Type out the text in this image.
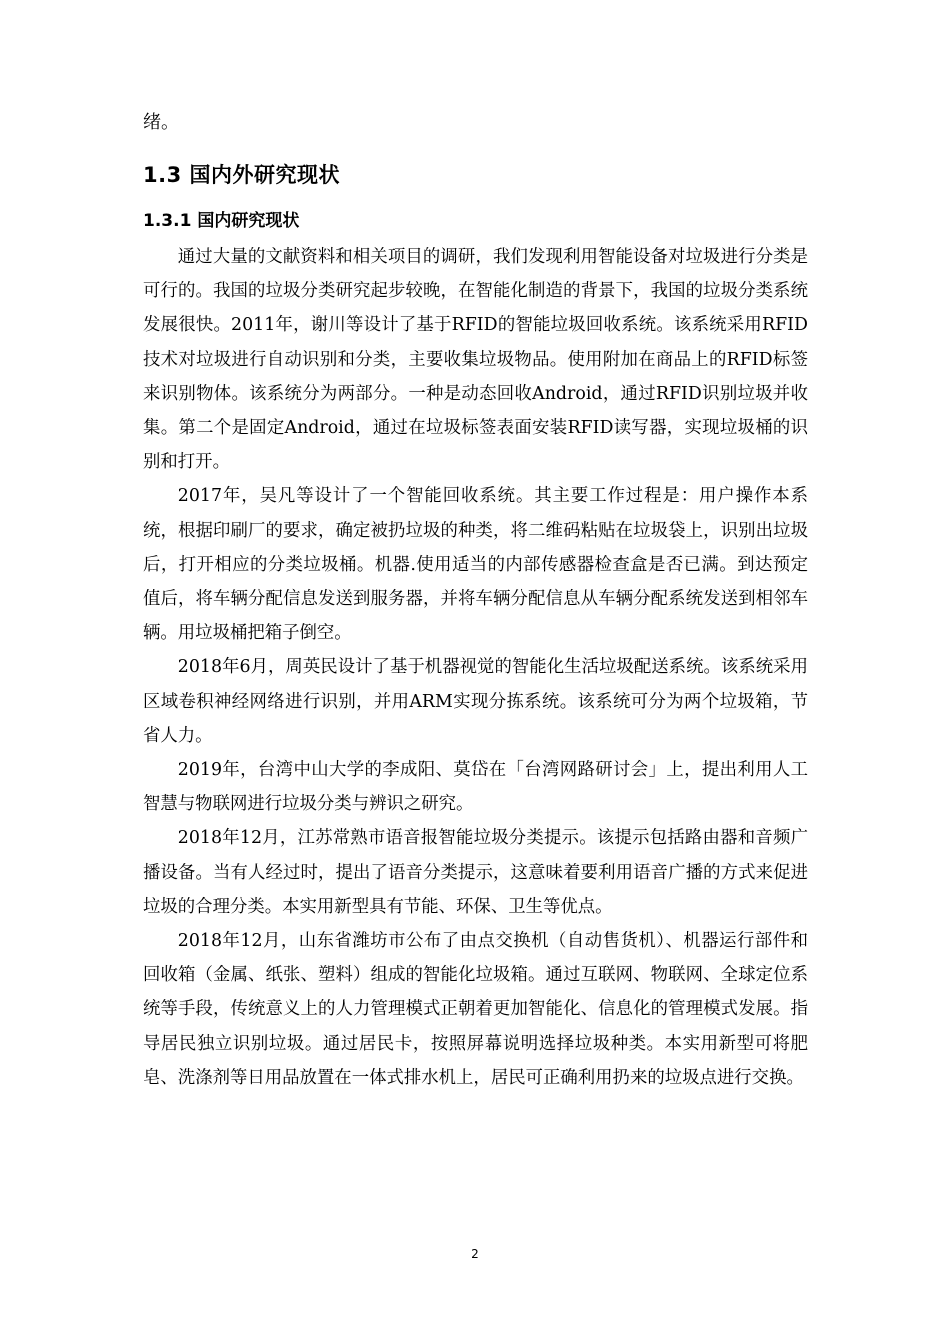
绪。

1.3 国内外研究现状
1.3.1 国内研究现状

通过大量的文献资料和相关项目的调研，我们发现利用智能设备对垃圾进行分类是可行的。我国的垃圾分类研究起步较晚，在智能化制造的背景下，我国的垃圾分类系统发展很快。2011年，谢川等设计了基于RFID的智能垃圾回收系统。该系统采用RFID技术对垃圾进行自动识别和分类，主要收集垃圾物品。使用附加在商品上的RFID标签来识别物体。该系统分为两部分。一种是动态回收Android，通过RFID识别垃圾并收集。第二个是固定Android，通过在垃圾标签表面安装RFID读写器，实现垃圾桶的识别和打开。

2017年，吴凡等设计了一个智能回收系统。其主要工作过程是：用户操作本系统，根据印刷厂的要求，确定被扔垃圾的种类，将二维码粘贴在垃圾袋上，识别出垃圾后，打开相应的分类垃圾桶。机器.使用适当的内部传感器检查盒是否已满。到达预定值后，将车辆分配信息发送到服务器，并将车辆分配信息从车辆分配系统发送到相邻车辆。用垃圾桶把箱子倒空。

2018年6月，周英民设计了基于机器视觉的智能化生活垃圾配送系统。该系统采用区域卷积神经网络进行识别，并用ARM实现分拣系统。该系统可分为两个垃圾箱，节省人力。

2019年，台湾中山大学的李成阳、莫岱在「台湾网路研讨会」上，提出利用人工智慧与物联网进行垃圾分类与辨识之研究。

2018年12月，江苏常熟市语音报智能垃圾分类提示。该提示包括路由器和音频广播设备。当有人经过时，提出了语音分类提示，这意味着要利用语音广播的方式来促进垃圾的合理分类。本实用新型具有节能、环保、卫生等优点。

2018年12月，山东省潍坊市公布了由点交换机（自动售货机）、机器运行部件和回收箱（金属、纸张、塑料）组成的智能化垃圾箱。通过互联网、物联网、全球定位系统等手段，传统意义上的人力管理模式正朝着更加智能化、信息化的管理模式发展。指导居民独立识别垃圾。通过居民卡，按照屏幕说明选择垃圾种类。本实用新型可将肥皂、洗涤剂等日用品放置在一体式排水机上，居民可正确利用扔来的垃圾点进行交换。

2
